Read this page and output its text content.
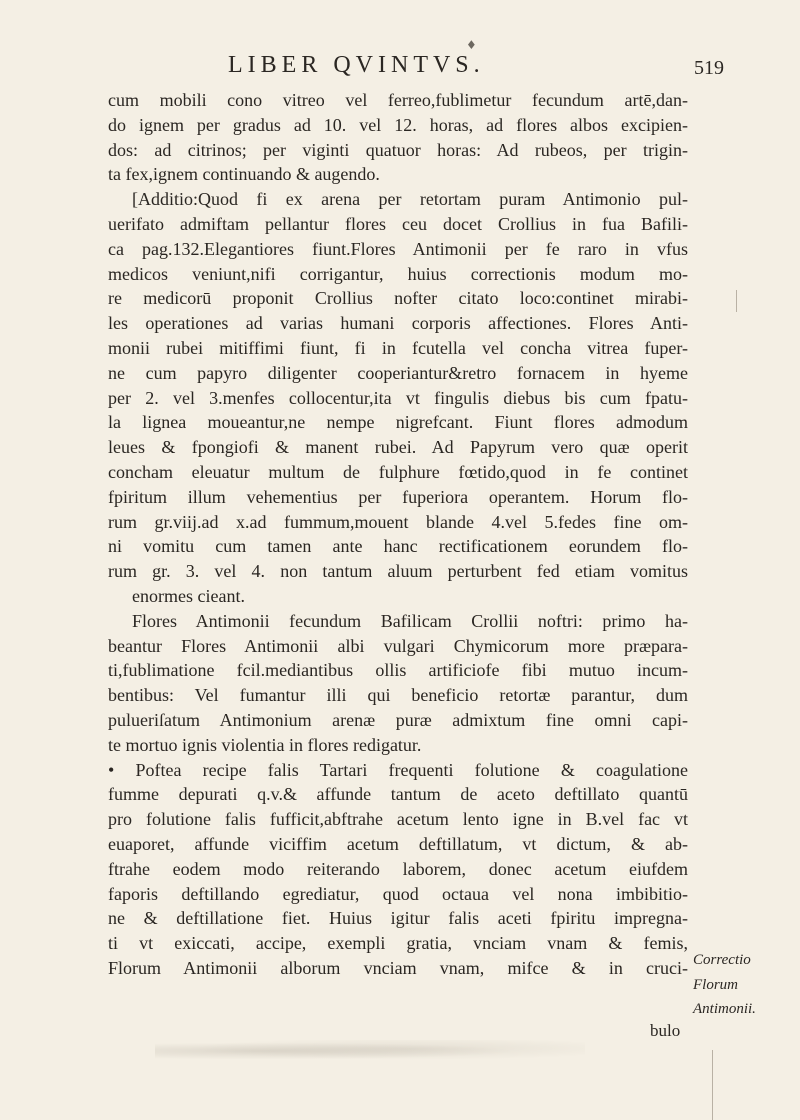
♦
LIBER QVINTVS.	519
cum mobili cono vitreo vel ferreo,fublimetur fecundum artē,dan-
do ignem per gradus ad 10. vel 12. horas, ad flores albos excipien-
dos: ad citrinos; per viginti quatuor horas: Ad rubeos, per trigin-
ta fex,ignem continuando & augendo.
[Additio:Quod fi ex arena per retortam puram Antimonio pul-
uerifato admiftam pellantur flores ceu docet Crollius in fua Bafili-
ca pag.132.Elegantiores fiunt.Flores Antimonii per fe raro in vfus
medicos veniunt,nifi corrigantur, huius correctionis modum mo-
re medicorū proponit Crollius nofter citato loco:continet mirabi-
les operationes ad varias humani corporis affectiones. Flores Anti-
monii rubei mitiffimi fiunt, fi in fcutella vel concha vitrea fuper-
ne cum papyro diligenter cooperiantur&retro fornacem in hyeme
per 2. vel 3.menfes collocentur,ita vt fingulis diebus bis cum fpatu-
la lignea moueantur,ne nempe nigrefcant. Fiunt flores admodum
leues & fpongiofi & manent rubei. Ad Papyrum vero quæ operit
concham eleuatur multum de fulphure fœtido,quod in fe continet
fpiritum illum vehementius per fuperiora operantem. Horum flo-
rum gr.viij.ad x.ad fummum,mouent blande 4.vel 5.fedes fine om-
ni vomitu cum tamen ante hanc rectificationem eorundem flo-
rum gr. 3. vel 4. non tantum aluum perturbent fed etiam vomitus
enormes cieant.
Flores Antimonii fecundum Bafilicam Crollii noftri: primo ha-
beantur Flores Antimonii albi vulgari Chymicorum more præpara-
ti,fublimatione fcil.mediantibus ollis artificiofe fibi mutuo incum-
bentibus: Vel fumantur illi qui beneficio retortæ parantur, dum
pulueriſatum Antimonium arenæ puræ admixtum fine omni capi-
te mortuo ignis violentia in flores redigatur.
• Poftea recipe falis Tartari frequenti folutione & coagulatione
fumme depurati q.v.& affunde tantum de aceto deftillato quantū
pro folutione falis fufficit,abftrahe acetum lento igne in B.vel fac vt
euaporet, affunde viciffim acetum deftillatum, vt dictum, & ab-
ftrahe eodem modo reiterando laborem, donec acetum eiufdem
faporis deftillando egrediatur, quod octaua vel nona imbibitio-
ne & deftillatione fiet. Huius igitur falis aceti fpiritu impregna-
ti vt exiccati, accipe, exempli gratia, vnciam vnam & femis,
Florum Antimonii alborum vnciam vnam, mifce & in cruci- Correctio
Florum
Antimonii.
bulo
